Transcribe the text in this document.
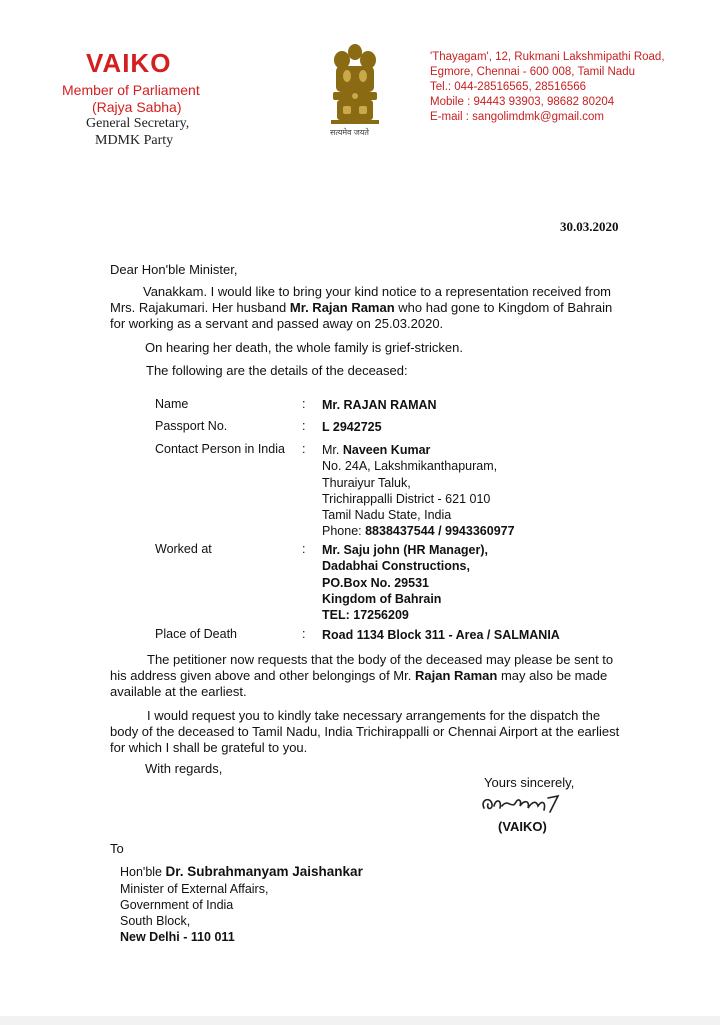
VAIKO
Member of Parliament
(Rajya Sabha)
General Secretary,
MDMK Party
सत्यमेव जयते
'Thayagam', 12, Rukmani Lakshmipathi Road,
Egmore, Chennai - 600 008, Tamil Nadu
Tel.: 044-28516565, 28516566
Mobile : 94443 93903, 98682 80204
E-mail : sangolimdmk@gmail.com
30.03.2020
Dear Hon'ble Minister,
Vanakkam. I would like to bring your kind notice to a representation received from
Mrs. Rajakumari. Her husband Mr. Rajan Raman who had gone to Kingdom of Bahrain
for working as a servant and passed away on 25.03.2020.
On hearing her death, the whole family is grief-stricken.
The following are the details of the deceased:
Name	: Mr. RAJAN RAMAN
Passport No.	: L 2942725
Contact Person in India : Mr. Naveen Kumar
No. 24A, Lakshmikanthapuram,
Thuraiyur Taluk,
Trichirappalli District - 621 010
Tamil Nadu State, India
Phone: 8838437544 / 9943360977
Worked at	: Mr. Saju john (HR Manager),
Dadabhai Constructions,
PO.Box No. 29531
Kingdom of Bahrain
TEL: 17256209
Place of Death	: Road 1134 Block 311 - Area / SALMANIA
The petitioner now requests that the body of the deceased may please be sent to
his address given above and other belongings of Mr. Rajan Raman may also be made
available at the earliest.
I would request you to kindly take necessary arrangements for the dispatch the
body of the deceased to Tamil Nadu, India Trichirappalli or Chennai Airport at the earliest
for which I shall be grateful to you.
With regards,
Yours sincerely,
(VAIKO)
To
Hon'ble Dr. Subrahmanyam Jaishankar
Minister of External Affairs,
Government of India
South Block,
New Delhi - 110 011
